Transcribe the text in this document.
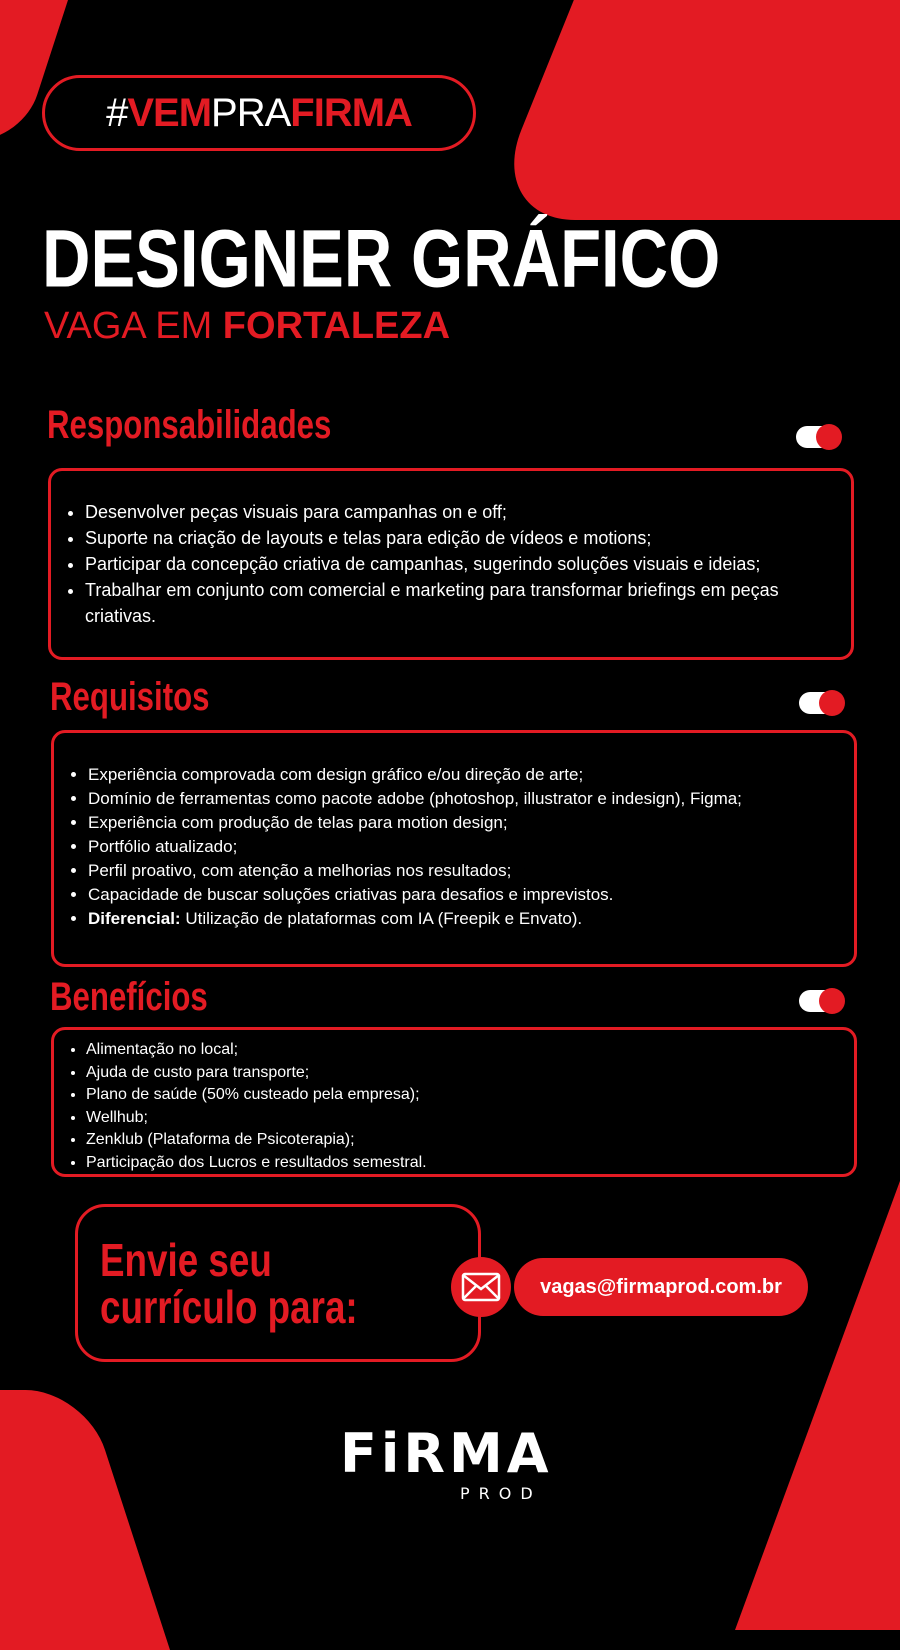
# VEM PRA FIRMA
DESIGNER GRÁFICO
VAGA EM FORTALEZA
Responsabilidades
• Desenvolver peças visuais para campanhas on e off;
• Suporte na criação de layouts e telas para edição de vídeos e motions;
• Participar da concepção criativa de campanhas, sugerindo soluções visuais e ideias;
• Trabalhar em conjunto com comercial e marketing para transformar briefings em peças criativas.
Requisitos
• Experiência comprovada com design gráfico e/ou direção de arte;
• Domínio de ferramentas como pacote adobe (photoshop, illustrator e indesign), Figma;
• Experiência com produção de telas para motion design;
• Portfólio atualizado;
• Perfil proativo, com atenção a melhorias nos resultados;
• Capacidade de buscar soluções criativas para desafios e imprevistos.
• Diferencial: Utilização de plataformas com IA (Freepik e Envato).
Benefícios
• Alimentação no local;
• Ajuda de custo para transporte;
• Plano de saúde (50% custeado pela empresa);
• Wellhub;
• Zenklub (Plataforma de Psicoterapia);
• Participação dos Lucros e resultados semestral.
Envie seu
currículo para:	vagas@firmaprod.com.br
FiRMA
PROD
